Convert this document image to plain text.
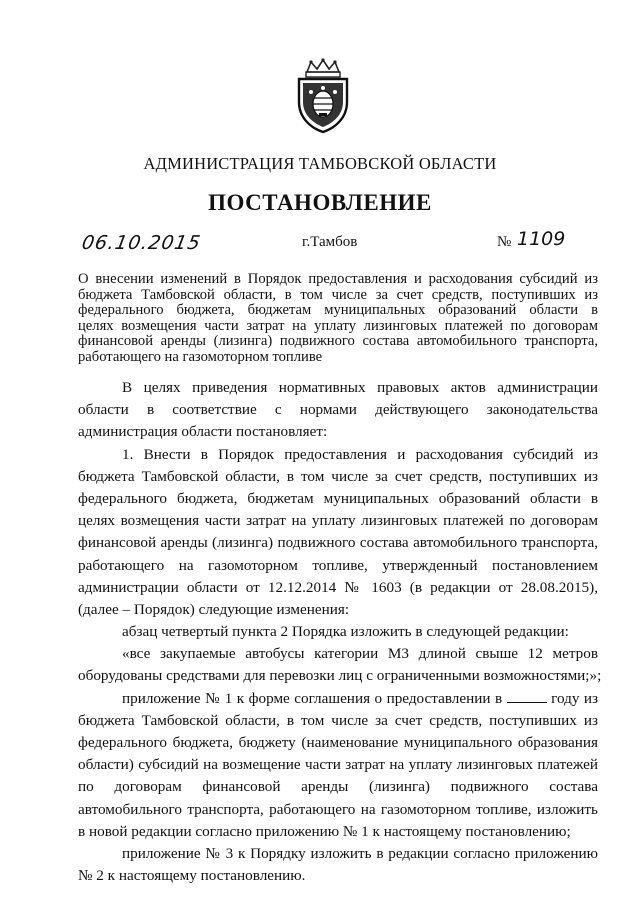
АДМИНИСТРАЦИЯ ТАМБОВСКОЙ ОБЛАСТИ
ПОСТАНОВЛЕНИЕ
06.10.2015	г.Тамбов	№ 1109
О внесении изменений в Порядок предоставления и расходования субсидий из
бюджета Тамбовской области, в том числе за счет средств, поступивших из
федерального бюджета, бюджетам муниципальных образований области в
целях возмещения части затрат на уплату лизинговых платежей по договорам
финансовой аренды (лизинга) подвижного состава автомобильного транспорта,
работающего на газомоторном топливе
В целях приведения нормативных правовых актов администрации
области в соответствие с нормами действующего законодательства
администрация области постановляет:
1. Внести в Порядок предоставления и расходования субсидий из
бюджета Тамбовской области, в том числе за счет средств, поступивших из
федерального бюджета, бюджетам муниципальных образований области в
целях возмещения части затрат на уплату лизинговых платежей по договорам
финансовой аренды (лизинга) подвижного состава автомобильного транспорта,
работающего на газомоторном топливе, утвержденный постановлением
администрации области от 12.12.2014 № 1603 (в редакции от 28.08.2015),
(далее – Порядок) следующие изменения:
абзац четвертый пункта 2 Порядка изложить в следующей редакции:
«все закупаемые автобусы категории М3 длиной свыше 12 метров
оборудованы средствами для перевозки лиц с ограниченными возможностями;»;
приложение № 1 к форме соглашения о предоставлении в	году из
бюджета Тамбовской области, в том числе за счет средств, поступивших из
федерального бюджета, бюджету (наименование муниципального образования
области) субсидий на возмещение части затрат на уплату лизинговых платежей
по договорам финансовой аренды (лизинга) подвижного состава
автомобильного транспорта, работающего на газомоторном топливе, изложить
в новой редакции согласно приложению № 1 к настоящему постановлению;
приложение № 3 к Порядку изложить в редакции согласно приложению
№ 2 к настоящему постановлению.
